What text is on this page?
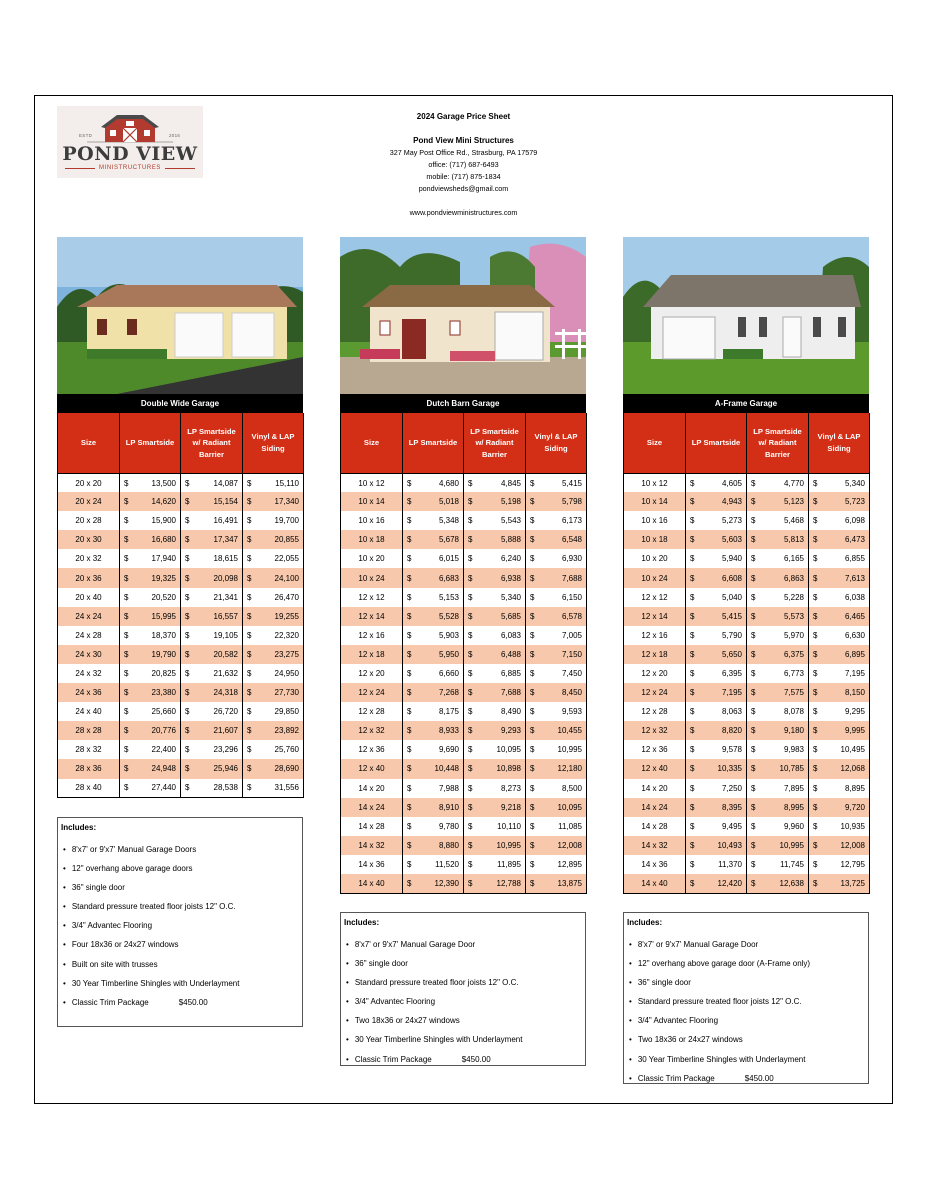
ESTD	2016
POND VIEW
MINISTRUCTURES
2024 Garage Price Sheet
Pond View Mini Structures
327 May Post Office Rd., Strasburg, PA 17579
office: (717) 687-6493
mobile: (717) 875-1834
pondviewsheds@gmail.com
www.pondviewministructures.com
Double Wide Garage
Size	LP Smartside	LP Smartside w/ Radiant Barrier	Vinyl & LAP Siding
20 x 20	$ 13,500	$ 14,087	$ 15,110
20 x 24	$ 14,620	$ 15,154	$ 17,340
20 x 28	$ 15,900	$ 16,491	$ 19,700
20 x 30	$ 16,680	$ 17,347	$ 20,855
20 x 32	$ 17,940	$ 18,615	$ 22,055
20 x 36	$ 19,325	$ 20,098	$ 24,100
20 x 40	$ 20,520	$ 21,341	$ 26,470
24 x 24	$ 15,995	$ 16,557	$ 19,255
24 x 28	$ 18,370	$ 19,105	$ 22,320
24 x 30	$ 19,790	$ 20,582	$ 23,275
24 x 32	$ 20,825	$ 21,632	$ 24,950
24 x 36	$ 23,380	$ 24,318	$ 27,730
24 x 40	$ 25,660	$ 26,720	$ 29,850
28 x 28	$ 20,776	$ 21,607	$ 23,892
28 x 32	$ 22,400	$ 23,296	$ 25,760
28 x 36	$ 24,948	$ 25,946	$ 28,690
28 x 40	$ 27,440	$ 28,538	$ 31,556
Dutch Barn Garage
Size	LP Smartside	LP Smartside w/ Radiant Barrier	Vinyl & LAP Siding
10 x 12	$ 4,680	$ 4,845	$ 5,415
10 x 14	$ 5,018	$ 5,198	$ 5,798
10 x 16	$ 5,348	$ 5,543	$ 6,173
10 x 18	$ 5,678	$ 5,888	$ 6,548
10 x 20	$ 6,015	$ 6,240	$ 6,930
10 x 24	$ 6,683	$ 6,938	$ 7,688
12 x 12	$ 5,153	$ 5,340	$ 6,150
12 x 14	$ 5,528	$ 5,685	$ 6,578
12 x 16	$ 5,903	$ 6,083	$ 7,005
12 x 18	$ 5,950	$ 6,488	$ 7,150
12 x 20	$ 6,660	$ 6,885	$ 7,450
12 x 24	$ 7,268	$ 7,688	$ 8,450
12 x 28	$ 8,175	$ 8,490	$ 9,593
12 x 32	$ 8,933	$ 9,293	$ 10,455
12 x 36	$ 9,690	$ 10,095	$ 10,995
12 x 40	$ 10,448	$ 10,898	$ 12,180
14 x 20	$ 7,988	$ 8,273	$ 8,500
14 x 24	$ 8,910	$ 9,218	$ 10,095
14 x 28	$ 9,780	$ 10,110	$ 11,085
14 x 32	$ 8,880	$ 10,995	$ 12,008
14 x 36	$ 11,520	$ 11,895	$ 12,895
14 x 40	$ 12,390	$ 12,788	$ 13,875
A-Frame Garage
Size	LP Smartside	LP Smartside w/ Radiant Barrier	Vinyl & LAP Siding
10 x 12	$ 4,605	$ 4,770	$ 5,340
10 x 14	$ 4,943	$ 5,123	$ 5,723
10 x 16	$ 5,273	$ 5,468	$ 6,098
10 x 18	$ 5,603	$ 5,813	$ 6,473
10 x 20	$ 5,940	$ 6,165	$ 6,855
10 x 24	$ 6,608	$ 6,863	$ 7,613
12 x 12	$ 5,040	$ 5,228	$ 6,038
12 x 14	$ 5,415	$ 5,573	$ 6,465
12 x 16	$ 5,790	$ 5,970	$ 6,630
12 x 18	$ 5,650	$ 6,375	$ 6,895
12 x 20	$ 6,395	$ 6,773	$ 7,195
12 x 24	$ 7,195	$ 7,575	$ 8,150
12 x 28	$ 8,063	$ 8,078	$ 9,295
12 x 32	$ 8,820	$ 9,180	$ 9,995
12 x 36	$ 9,578	$ 9,983	$ 10,495
12 x 40	$ 10,335	$ 10,785	$ 12,068
14 x 20	$ 7,250	$ 7,895	$ 8,895
14 x 24	$ 8,395	$ 8,995	$ 9,720
14 x 28	$ 9,495	$ 9,960	$ 10,935
14 x 32	$ 10,493	$ 10,995	$ 12,008
14 x 36	$ 11,370	$ 11,745	$ 12,795
14 x 40	$ 12,420	$ 12,638	$ 13,725
Includes:
• 8'x7' or 9'x7' Manual Garage Doors
• 12" overhang above garage doors
• 36" single door
• Standard pressure treated floor joists 12" O.C.
• 3/4" Advantec Flooring
• Four 18x36 or 24x27 windows
• Built on site with trusses
• 30 Year Timberline Shingles with Underlayment
• Classic Trim Package	$450.00
Includes:
• 8'x7' or 9'x7' Manual Garage Door
• 36" single door
• Standard pressure treated floor joists 12" O.C.
• 3/4" Advantec Flooring
• Two 18x36 or 24x27 windows
• 30 Year Timberline Shingles with Underlayment
• Classic Trim Package	$450.00
Includes:
• 8'x7' or 9'x7' Manual Garage Door
• 12" overhang above garage door (A-Frame only)
• 36" single door
• Standard pressure treated floor joists 12" O.C.
• 3/4" Advantec Flooring
• Two 18x36 or 24x27 windows
• 30 Year Timberline Shingles with Underlayment
• Classic Trim Package	$450.00
